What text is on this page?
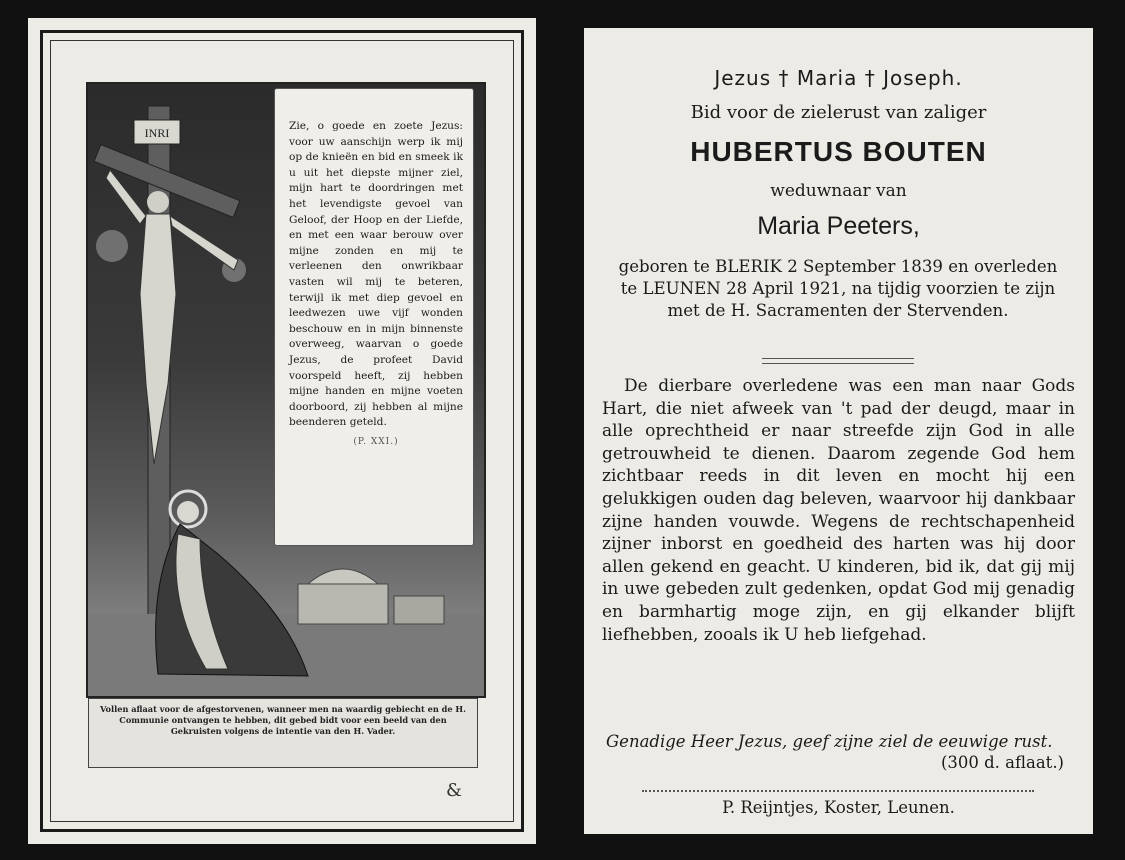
INRI	Zie, o goede en zoete Jezus: voor uw aanschijn werp ik mij op de knieën en bid en smeek ik u uit het diepste mijner ziel, mijn hart te doordringen met het levendigste gevoel van Geloof, der Hoop en der Liefde, en met een waar berouw over mijne zonden en mij te verleenen den onwrikbaar vasten wil mij te beteren, terwijl ik met diep gevoel en leedwezen uwe vijf wonden beschouw en in mijn binnenste overweeg, waarvan o goede Jezus, de profeet David voorspeld heeft, zij hebben mijne handen en mijne voeten doorboord, zij hebben al mijne beenderen geteld.

(P. XXI.)

Vollen aflaat voor de afgestorvenen, wanneer men na waardig gebiecht en de H. Communie ontvangen te hebben, dit gebed bidt voor een beeld van den Gekruisten volgens de intentie van den H. Vader.

&
Jezus † Maria † Joseph.
Bid voor de zielerust van zaliger
HUBERTUS BOUTEN
weduwnaar van
Maria Peeters,

geboren te BLERIK 2 September 1839 en overleden te LEUNEN 28 April 1921, na tijdig voorzien te zijn met de H. Sacramenten der Stervenden.

De dierbare overledene was een man naar Gods Hart, die niet afweek van 't pad der deugd, maar in alle oprechtheid er naar streefde zijn God in alle getrouwheid te dienen. Daarom zegende God hem zichtbaar reeds in dit leven en mocht hij een gelukkigen ouden dag beleven, waarvoor hij dankbaar zijne handen vouwde. Wegens de rechtschapenheid zijner inborst en goedheid des harten was hij door allen gekend en geacht. U kinderen, bid ik, dat gij mij in uwe gebeden zult gedenken, opdat God mij genadig en barmhartig moge zijn, en gij elkander blijft liefhebben, zooals ik U heb liefgehad.

Genadige Heer Jezus, geef zijne ziel de eeuwige rust.
(300 d. aflaat.)
P. Reijntjes, Koster, Leunen.
